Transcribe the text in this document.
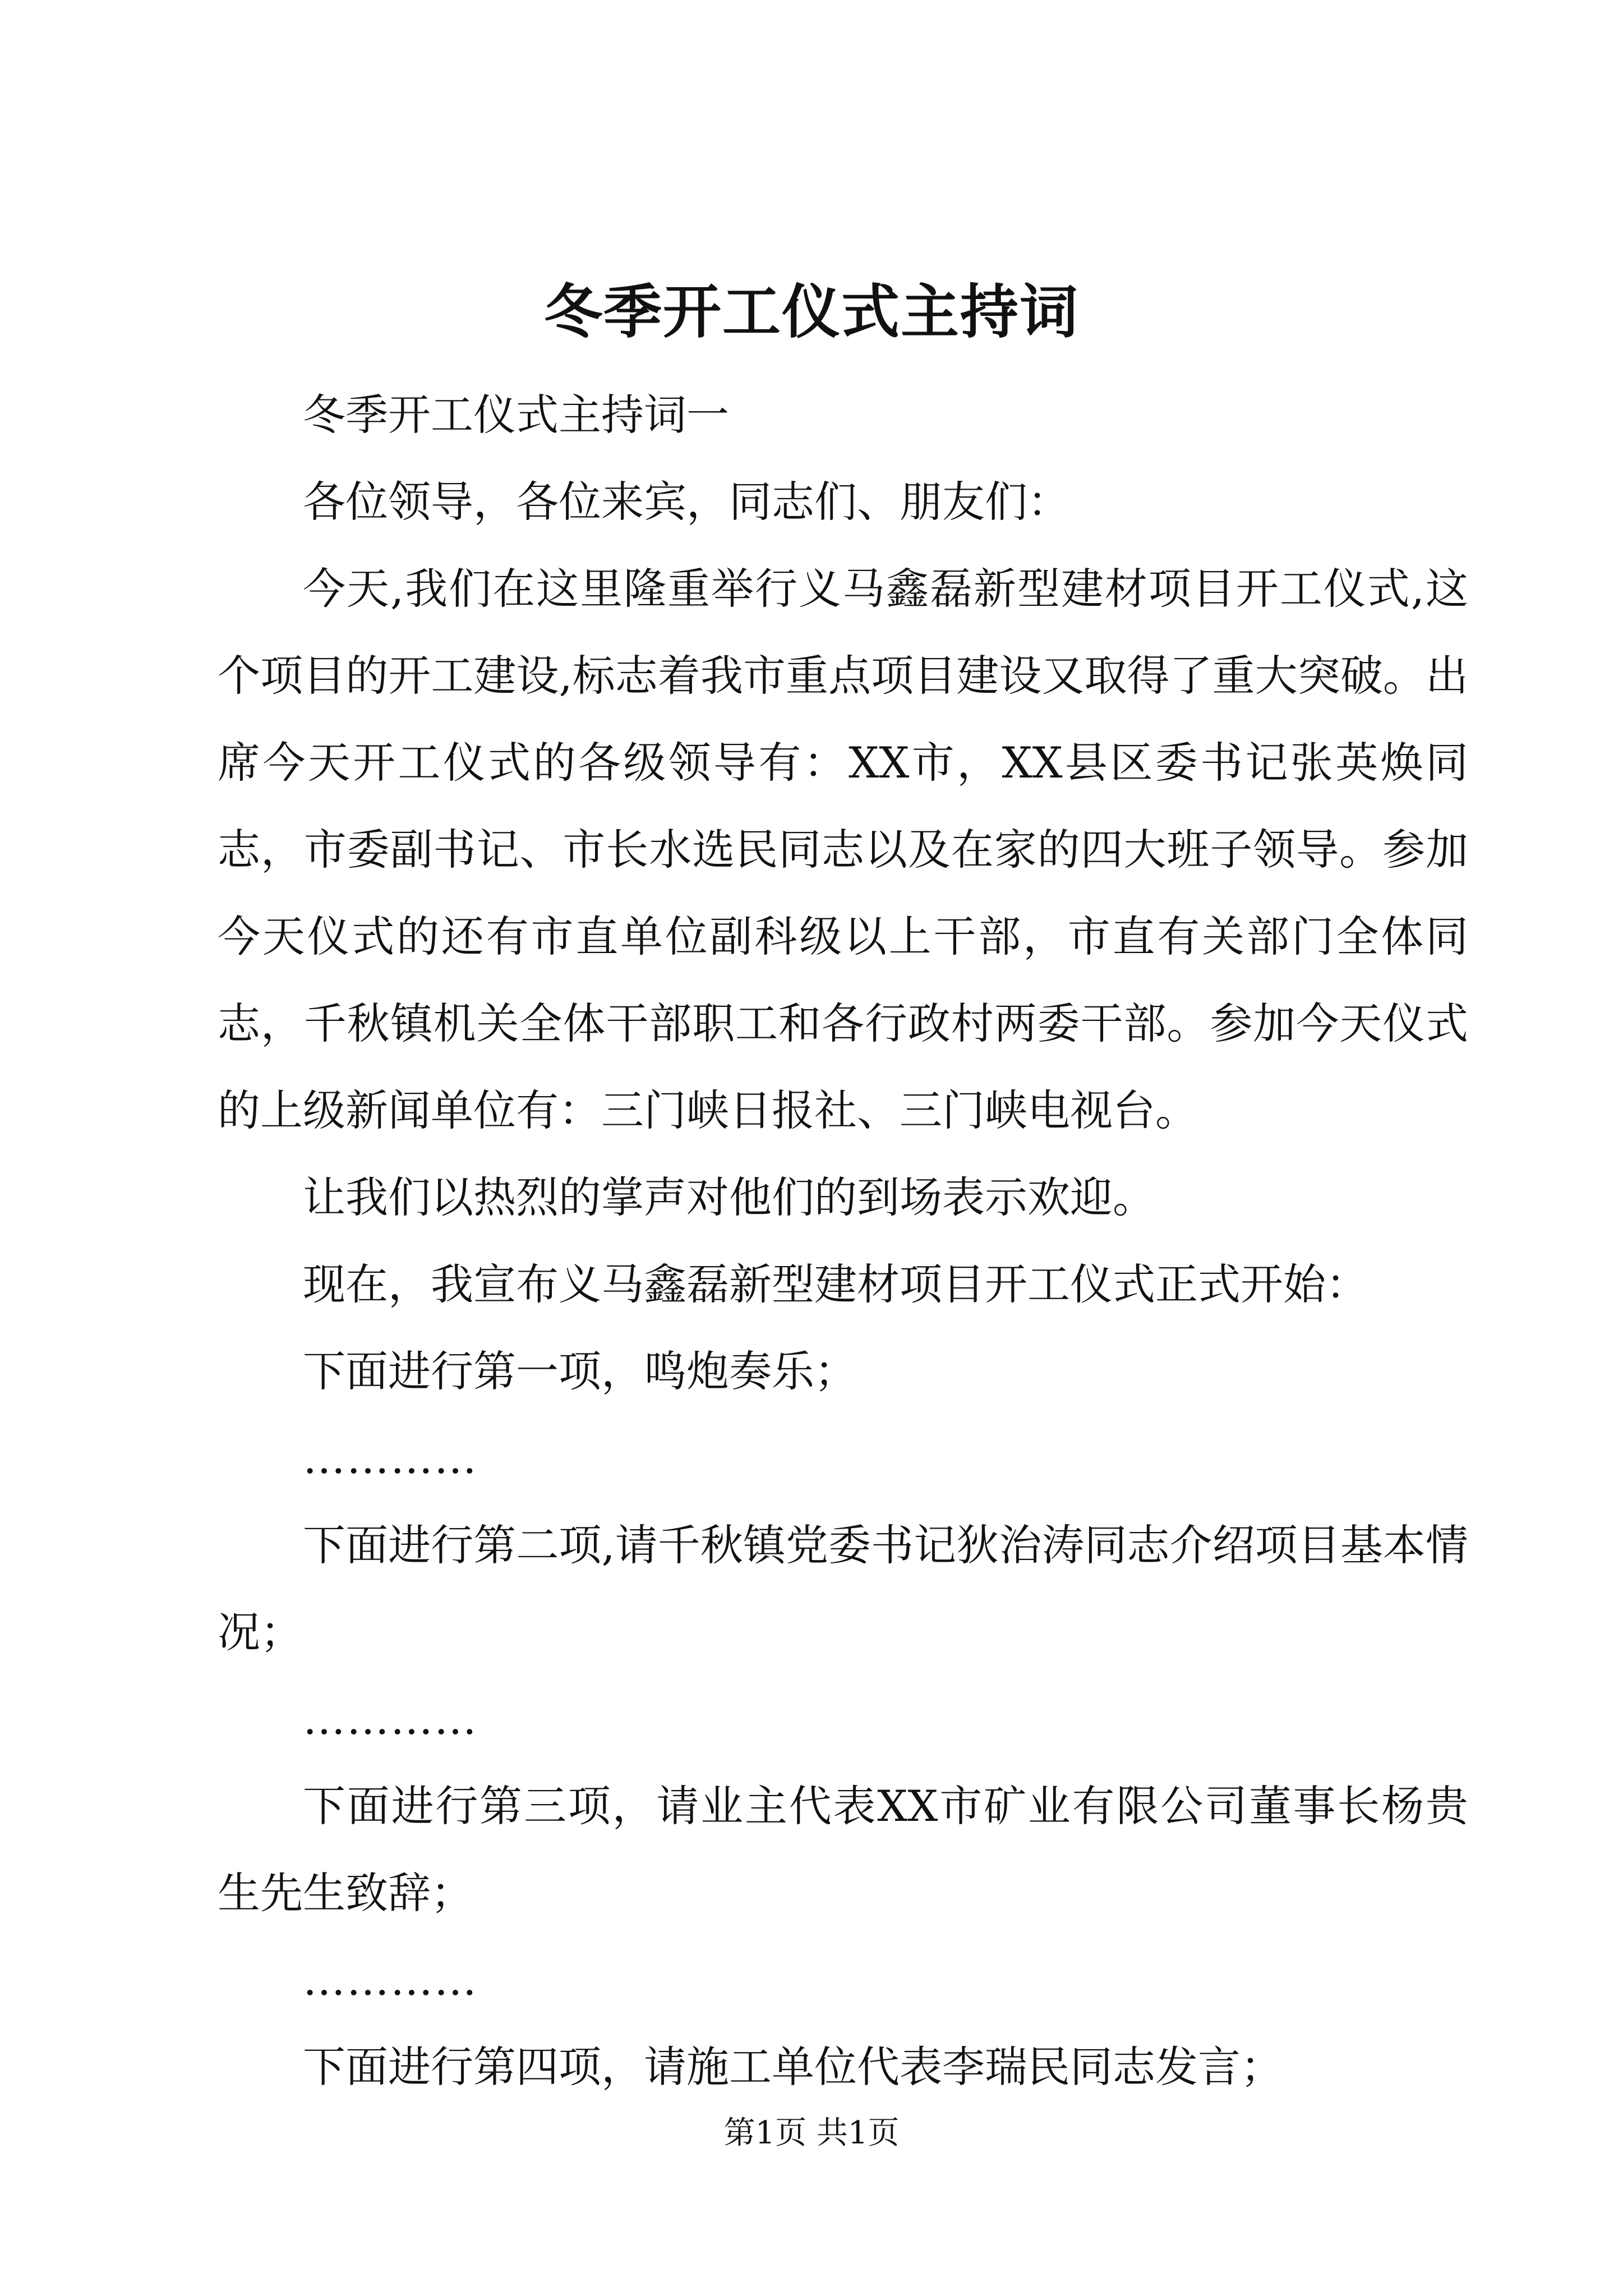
冬季开工仪式主持词

冬季开工仪式主持词一

各位领导，各位来宾，同志们、朋友们：

今天,我们在这里隆重举行义马鑫磊新型建材项目开工仪式,这个项目的开工建设,标志着我市重点项目建设又取得了重大突破。出席今天开工仪式的各级领导有：XX市，XX县区委书记张英焕同志，市委副书记、市长水选民同志以及在家的四大班子领导。参加今天仪式的还有市直单位副科级以上干部，市直有关部门全体同志，千秋镇机关全体干部职工和各行政村两委干部。参加今天仪式的上级新闻单位有：三门峡日报社、三门峡电视台。

让我们以热烈的掌声对他们的到场表示欢迎。

现在，我宣布义马鑫磊新型建材项目开工仪式正式开始：

下面进行第一项，鸣炮奏乐；

…………

下面进行第二项,请千秋镇党委书记狄治涛同志介绍项目基本情况；

…………

下面进行第三项，请业主代表XX市矿业有限公司董事长杨贵生先生致辞；

…………

下面进行第四项，请施工单位代表李瑞民同志发言；

第1页 共1页
